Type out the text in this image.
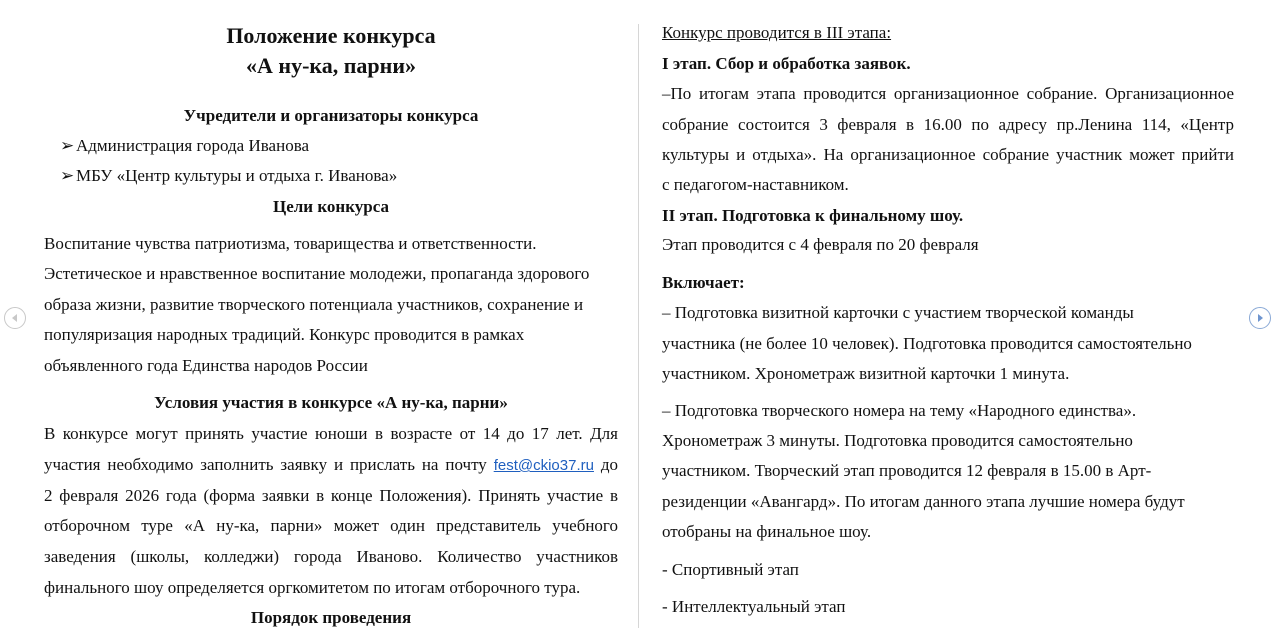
Положение конкурса
«А ну-ка, парни»
Учредители и организаторы конкурса
➢ Администрация города Иванова
➢ МБУ «Центр культуры и отдыха г. Иванова»
Цели конкурса
Воспитание чувства патриотизма, товарищества и ответственности.
Эстетическое и нравственное воспитание молодежи, пропаганда здорового
образа жизни, развитие творческого потенциала участников, сохранение и
популяризация народных традиций. Конкурс проводится в рамках
объявленного года Единства народов России
Условия участия в конкурсе «А ну-ка, парни»
В конкурсе могут принять участие юноши в возрасте от 14 до 17 лет. Для
участия необходимо заполнить заявку и прислать на почту fest@ckio37.ru до
2 февраля 2026 года (форма заявки в конце Положения). Принять участие в
отборочном туре «А ну-ка, парни» может один представитель учебного
заведения (школы, колледжи) города Иваново. Количество участников
финального шоу определяется оргкомитетом по итогам отборочного тура.
Порядок проведения
Конкурс проводится в III этапа:
I этап. Сбор и обработка заявок.
–По итогам этапа проводится организационное собрание. Организационное
собрание состоится 3 февраля в 16.00 по адресу пр.Ленина 114, «Центр
культуры и отдыха». На организационное собрание участник может прийти
с педагогом-наставником.
II этап. Подготовка к финальному шоу.
Этап проводится с 4 февраля по 20 февраля
Включает:
– Подготовка визитной карточки с участием творческой команды
участника (не более 10 человек). Подготовка проводится самостоятельно
участником. Хронометраж визитной карточки 1 минута.
– Подготовка творческого номера на тему «Народного единства».
Хронометраж 3 минуты. Подготовка проводится самостоятельно
участником. Творческий этап проводится 12 февраля в 15.00 в Арт-
резиденции «Авангард». По итогам данного этапа лучшие номера будут
отобраны на финальное шоу.
- Спортивный этап
- Интеллектуальный этап
